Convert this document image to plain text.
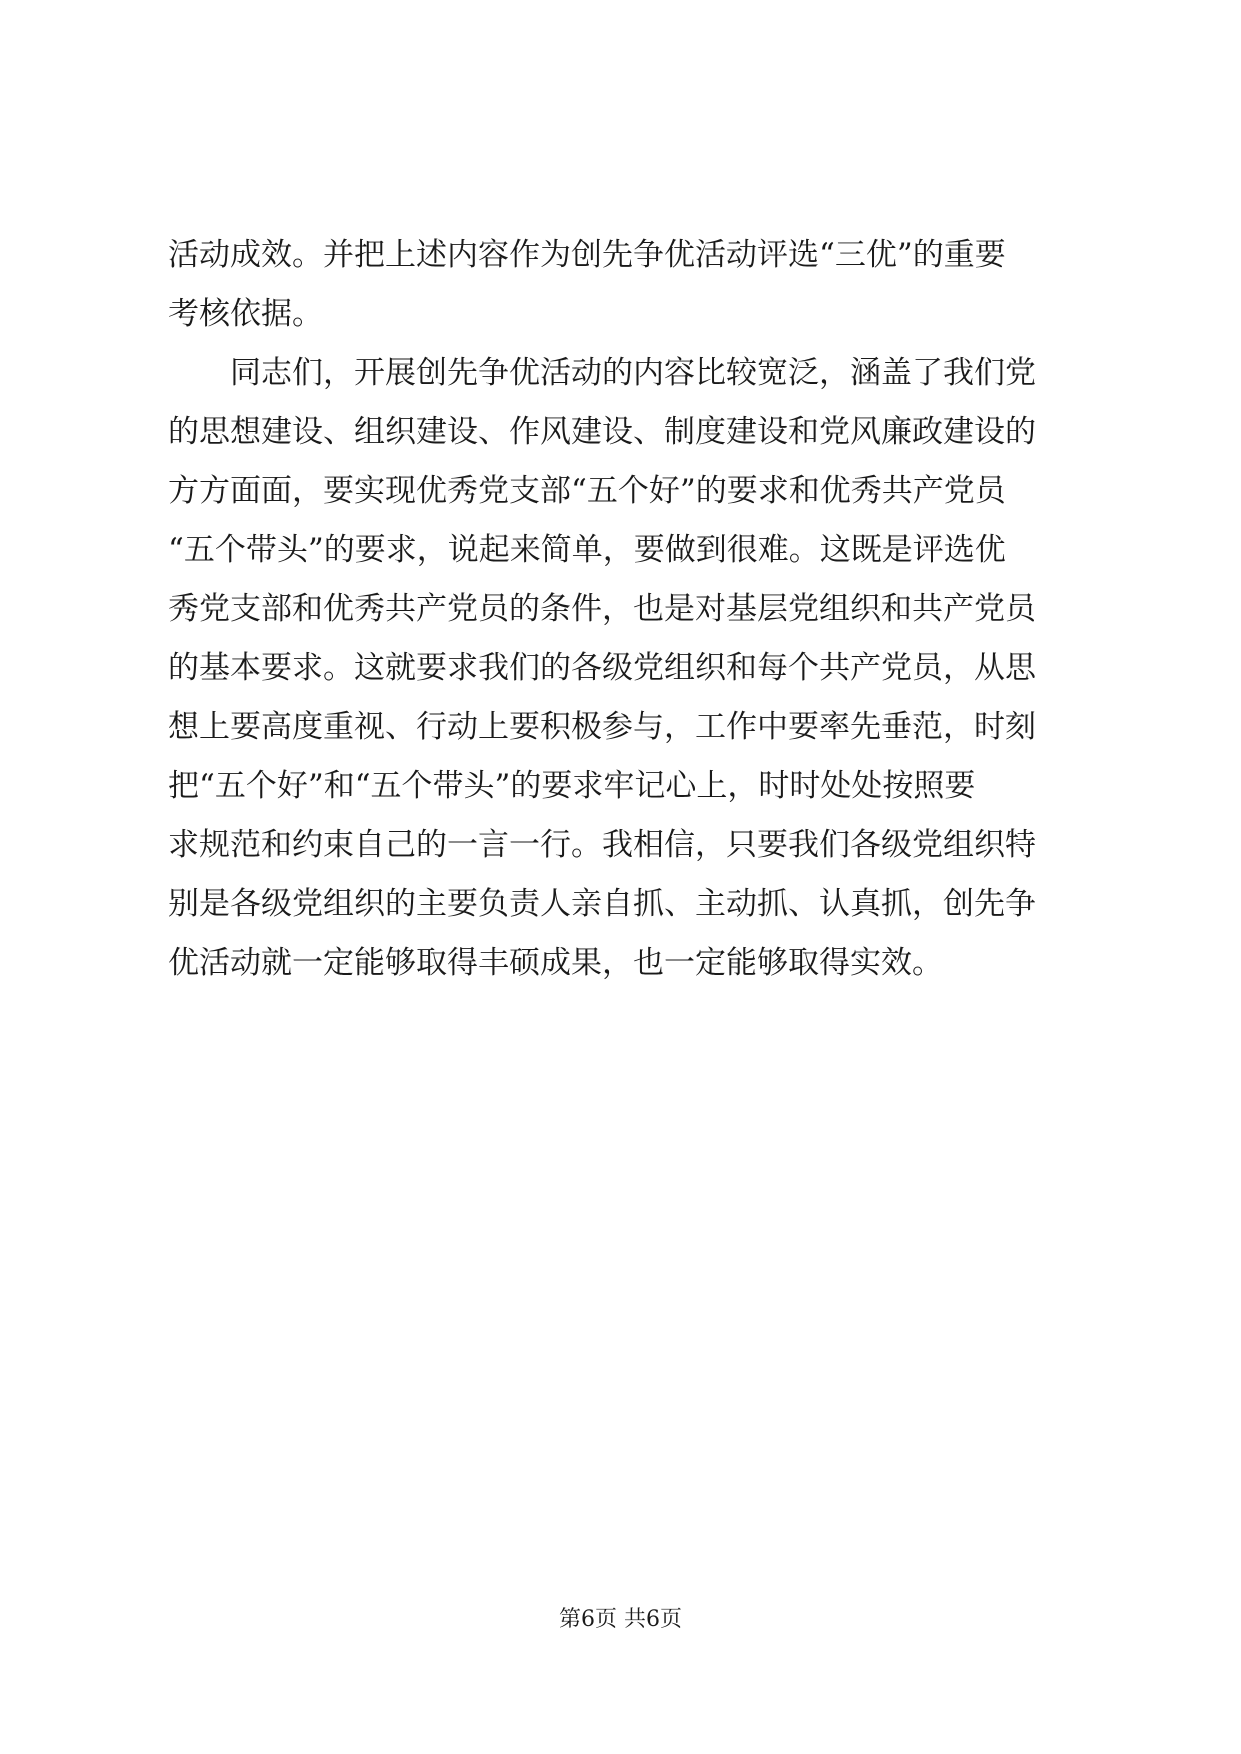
活动成效。并把上述内容作为创先争优活动评选“三优”的重要
考核依据。
　　同志们，开展创先争优活动的内容比较宽泛，涵盖了我们党
的思想建设、组织建设、作风建设、制度建设和党风廉政建设的
方方面面，要实现优秀党支部“五个好”的要求和优秀共产党员
“五个带头”的要求，说起来简单，要做到很难。这既是评选优
秀党支部和优秀共产党员的条件，也是对基层党组织和共产党员
的基本要求。这就要求我们的各级党组织和每个共产党员，从思
想上要高度重视、行动上要积极参与，工作中要率先垂范，时刻
把“五个好”和“五个带头”的要求牢记心上，时时处处按照要
求规范和约束自己的一言一行。我相信，只要我们各级党组织特
别是各级党组织的主要负责人亲自抓、主动抓、认真抓，创先争
优活动就一定能够取得丰硕成果，也一定能够取得实效。
第6页 共6页
